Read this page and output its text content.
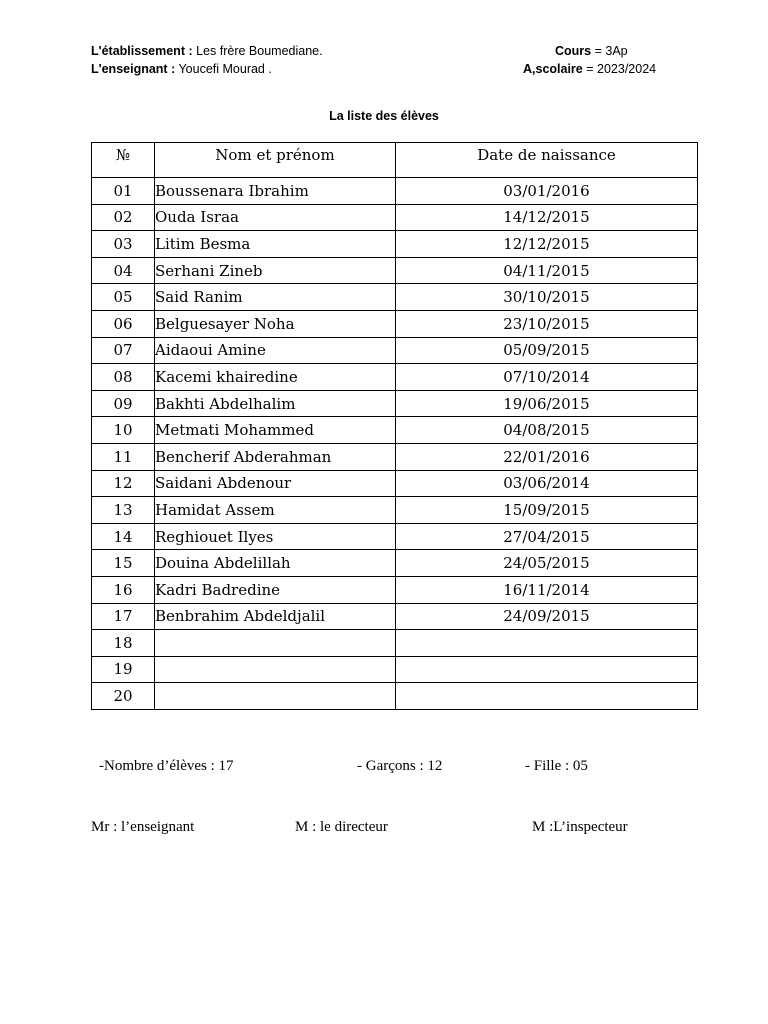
L'établissement : Les frère Boumediane.
L'enseignant : Youcefi Mourad .
Cours = 3Ap
A,scolaire = 2023/2024
La liste des élèves
№	Nom et prénom	Date de naissance
01	Boussenara Ibrahim	03/01/2016
02	Ouda Israa	14/12/2015
03	Litim Besma	12/12/2015
04	Serhani Zineb	04/11/2015
05	Said Ranim	30/10/2015
06	Belguesayer Noha	23/10/2015
07	Aidaoui Amine	05/09/2015
08	Kacemi khairedine	07/10/2014
09	Bakhti Abdelhalim	19/06/2015
10	Metmati Mohammed	04/08/2015
11	Bencherif Abderahman	22/01/2016
12	Saidani Abdenour	03/06/2014
13	Hamidat Assem	15/09/2015
14	Reghiouet Ilyes	27/04/2015
15	Douina Abdelillah	24/05/2015
16	Kadri Badredine	16/11/2014
17	Benbrahim Abdeldjalil	24/09/2015
18		
19		
20		
-Nombre d’élèves : 17	- Garçons : 12	- Fille : 05
Mr : l’enseignant	M : le directeur	M :L’inspecteur
